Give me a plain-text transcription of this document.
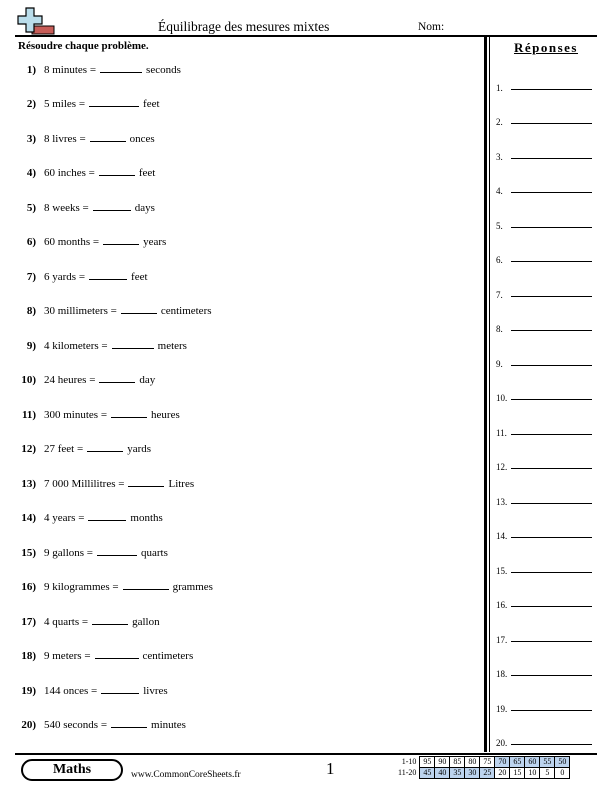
Équilibrage des mesures mixtes	Nom:
Résoudre chaque problème.
1) 8 minutes =	seconds
2) 5 miles =	feet
3) 8 livres =	onces
4) 60 inches =	feet
5) 8 weeks =	days
6) 60 months =	years
7) 6 yards =	feet
8) 30 millimeters =	centimeters
9) 4 kilometers =	meters
10) 24 heures =	day
11) 300 minutes =	heures
12) 27 feet =	yards
13) 7 000 Millilitres =	Litres
14) 4 years =	months
15) 9 gallons =	quarts
16) 9 kilogrammes =	grammes
17) 4 quarts =	gallon
18) 9 meters =	centimeters
19) 144 onces =	livres
20) 540 seconds =	minutes
Réponses
1.
2.
3.
4.
5.
6.
7.
8.
9.
10.
11.
12.
13.
14.
15.
16.
17.
18.
19.
20.
Maths	www.CommonCoreSheets.fr	1	1-10	95	90	85	80	75	70	65	60	55	50
11-20	45	40	35	30	25	20	15	10	5	0
